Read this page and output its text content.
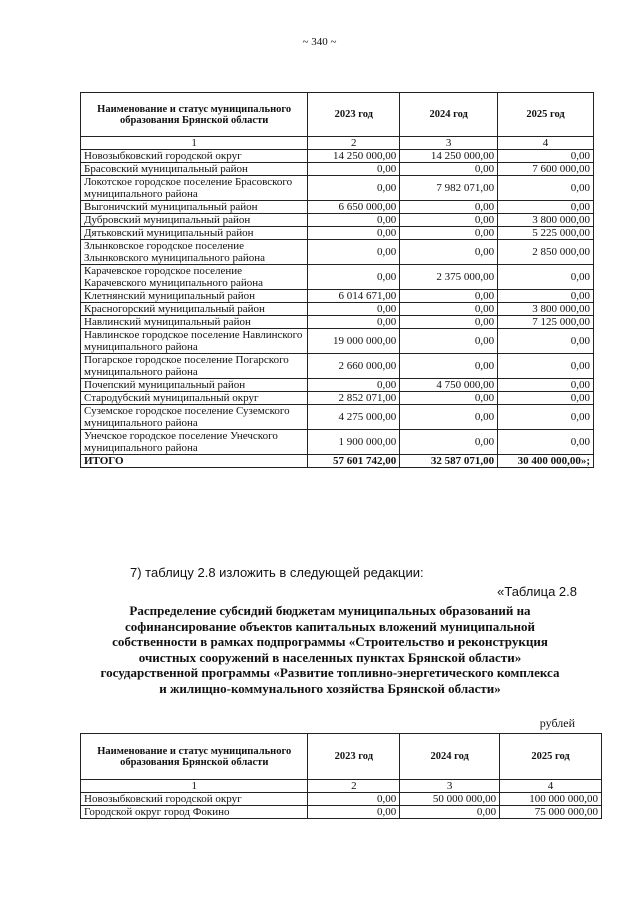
~ 340 ~
Наименование и статус муниципального образования Брянской области	2023 год	2024 год	2025 год
1	2	3	4
Новозыбковский городской округ	14 250 000,00	14 250 000,00	0,00
Брасовский муниципальный район	0,00	0,00	7 600 000,00
Локотское городское поселение Брасовского муниципального района	0,00	7 982 071,00	0,00
Выгоничский муниципальный район	6 650 000,00	0,00	0,00
Дубровский муниципальный район	0,00	0,00	3 800 000,00
Дятьковский муниципальный район	0,00	0,00	5 225 000,00
Злынковское городское поселение Злынковского муниципального района	0,00	0,00	2 850 000,00
Карачевское городское поселение Карачевского муниципального района	0,00	2 375 000,00	0,00
Клетнянский муниципальный район	6 014 671,00	0,00	0,00
Красногорский муниципальный район	0,00	0,00	3 800 000,00
Навлинский муниципальный район	0,00	0,00	7 125 000,00
Навлинское городское поселение Навлинского муниципального района	19 000 000,00	0,00	0,00
Погарское городское поселение Погарского муниципального района	2 660 000,00	0,00	0,00
Почепский муниципальный район	0,00	4 750 000,00	0,00
Стародубский муниципальный округ	2 852 071,00	0,00	0,00
Суземское городское поселение Суземского муниципального района	4 275 000,00	0,00	0,00
Унечское городское поселение Унечского муниципального района	1 900 000,00	0,00	0,00
ИТОГО	57 601 742,00	32 587 071,00	30 400 000,00»;
7) таблицу 2.8 изложить в следующей редакции:
«Таблица 2.8
Распределение субсидий бюджетам муниципальных образований на софинансирование объектов капитальных вложений муниципальной собственности в рамках подпрограммы «Строительство и реконструкция очистных сооружений в населенных пунктах Брянской области» государственной программы «Развитие топливно-энергетического комплекса и жилищно-коммунального хозяйства Брянской области»
рублей
Наименование и статус муниципального образования Брянской области	2023 год	2024 год	2025 год
1	2	3	4
Новозыбковский городской округ	0,00	50 000 000,00	100 000 000,00
Городской округ город Фокино	0,00	0,00	75 000 000,00
